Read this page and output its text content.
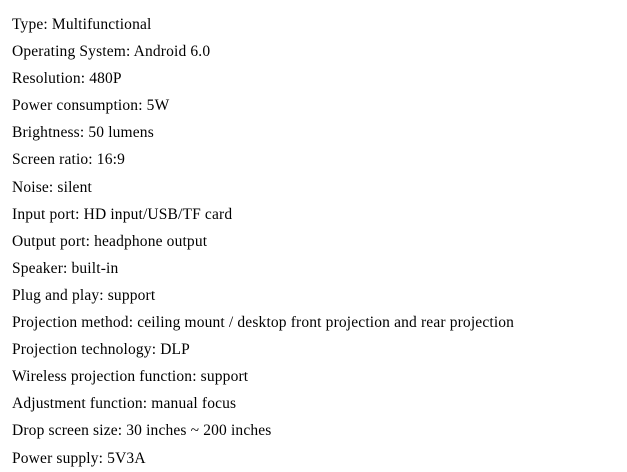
Type: Multifunctional
Operating System: Android 6.0
Resolution: 480P
Power consumption: 5W
Brightness: 50 lumens
Screen ratio: 16:9
Noise: silent
Input port: HD input/USB/TF card
Output port: headphone output
Speaker: built-in
Plug and play: support
Projection method: ceiling mount / desktop front projection and rear projection
Projection technology: DLP
Wireless projection function: support
Adjustment function: manual focus
Drop screen size: 30 inches ~ 200 inches
Power supply: 5V3A
